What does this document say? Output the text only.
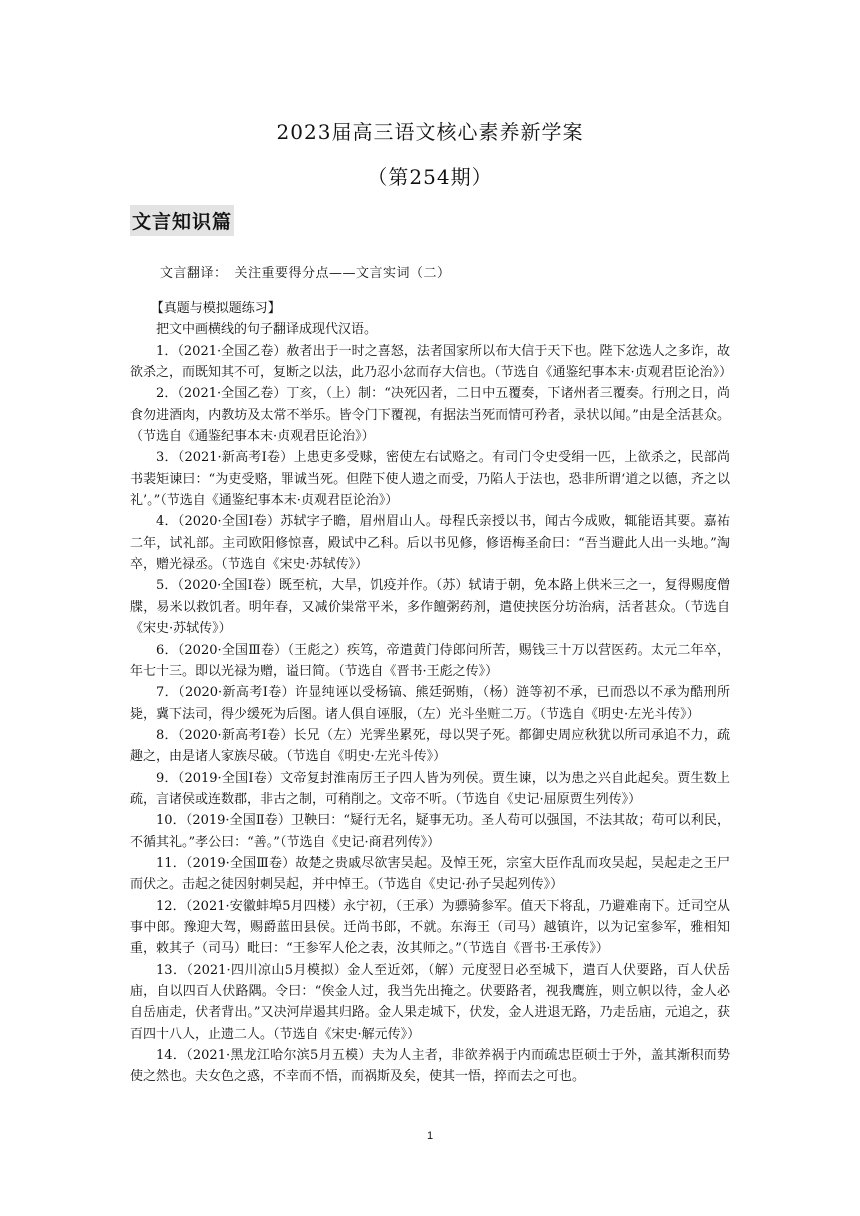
2023届高三语文核心素养新学案
（第254期）
文言知识篇
文言翻译：　关注重要得分点——文言实词（二）

【真题与模拟题练习】

把文中画横线的句子翻译成现代汉语。

1．（2021·全国乙卷）赦者出于一时之喜怒，法者国家所以布大信于天下也。陛下忿选人之多诈，故欲杀之，而既知其不可，复断之以法，此乃忍小忿而存大信也。（节选自《通鉴纪事本末·贞观君臣论治》）

2．（2021·全国乙卷）丁亥，（上）制：“决死囚者，二日中五覆奏，下诸州者三覆奏。行刑之日，尚食勿进酒肉，内教坊及太常不举乐。皆令门下覆视，有据法当死而情可矜者，录状以闻。”由是全活甚众。（节选自《通鉴纪事本末·贞观君臣论治》）

3．（2021·新高考Ⅰ卷）上患吏多受赇，密使左右试赂之。有司门令史受绢一匹，上欲杀之，民部尚书裴矩谏曰：“为吏受赂，罪诚当死。但陛下使人遗之而受，乃陷人于法也，恐非所谓‘道之以德，齐之以礼’。”（节选自《通鉴纪事本末·贞观君臣论治》）

4．（2020·全国Ⅰ卷）苏轼字子瞻，眉州眉山人。母程氏亲授以书，闻古今成败，辄能语其要。嘉祐二年，试礼部。主司欧阳修惊喜，殿试中乙科。后以书见修，修语梅圣俞曰：“吾当避此人出一头地。”淘卒，赠光禄丞。（节选自《宋史·苏轼传》）

5．（2020·全国Ⅰ卷）既至杭，大旱，饥疫并作。（苏）轼请于朝，免本路上供米三之一，复得赐度僧牒，易米以救饥者。明年春，又减价粜常平米，多作饘粥药剂，遣使挟医分坊治病，活者甚众。（节选自《宋史·苏轼传》）

6．（2020·全国Ⅲ卷）（王彪之）疾笃，帝遣黄门侍郎问所苦，赐钱三十万以营医药。太元二年卒，年七十三。即以光禄为赠，谥曰简。（节选自《晋书·王彪之传》）

7．（2020·新高考Ⅰ卷）许显纯诬以受杨镐、熊廷弼贿，（杨）涟等初不承，已而恐以不承为酷刑所毙，冀下法司，得少缓死为后图。诸人俱自诬服，（左）光斗坐赃二万。（节选自《明史·左光斗传》）

8．（2020·新高考Ⅰ卷）长兄（左）光霁坐累死，母以哭子死。都御史周应秋犹以所司承追不力，疏趣之，由是诸人家族尽破。（节选自《明史·左光斗传》）

9．（2019·全国Ⅰ卷）文帝复封淮南厉王子四人皆为列侯。贾生谏，以为患之兴自此起矣。贾生数上疏，言诸侯或连数郡，非古之制，可稍削之。文帝不听。（节选自《史记·屈原贾生列传》）

10．（2019·全国Ⅱ卷）卫鞅曰：“疑行无名，疑事无功。圣人苟可以强国，不法其故；苟可以利民，不循其礼。”孝公曰：“善。”（节选自《史记·商君列传》）

11．（2019·全国Ⅲ卷）故楚之贵戚尽欲害吴起。及悼王死，宗室大臣作乱而攻吴起，吴起走之王尸而伏之。击起之徒因射刺吴起，并中悼王。（节选自《史记·孙子吴起列传》）

12．（2021·安徽蚌埠5月四楼）永宁初，（王承）为骠骑参军。值天下将乱，乃避难南下。迁司空从事中郎。豫迎大驾，赐爵蓝田县侯。迁尚书郎，不就。东海王（司马）越镇许，以为记室参军，雅相知重，敕其子（司马）毗曰：“王参军人伦之表，汝其师之。”（节选自《晋书·王承传》）

13．（2021·四川凉山5月模拟）金人至近郊，（解）元度翌日必至城下，遣百人伏要路，百人伏岳庙，自以四百人伏路隅。令曰：“俟金人过，我当先出掩之。伏要路者，视我鹰旌，则立帜以待，金人必自岳庙走，伏者背出。”又决河岸遏其归路。金人果走城下，伏发，金人进退无路，乃走岳庙，元追之，获百四十八人，止遗二人。（节选自《宋史·解元传》）

14．（2021·黑龙江哈尔滨5月五模）夫为人主者，非欲养祸于内而疏忠臣硕士于外，盖其渐积而势使之然也。夫女色之惑，不幸而不悟，而祸斯及矣，使其一悟，捽而去之可也。

1
